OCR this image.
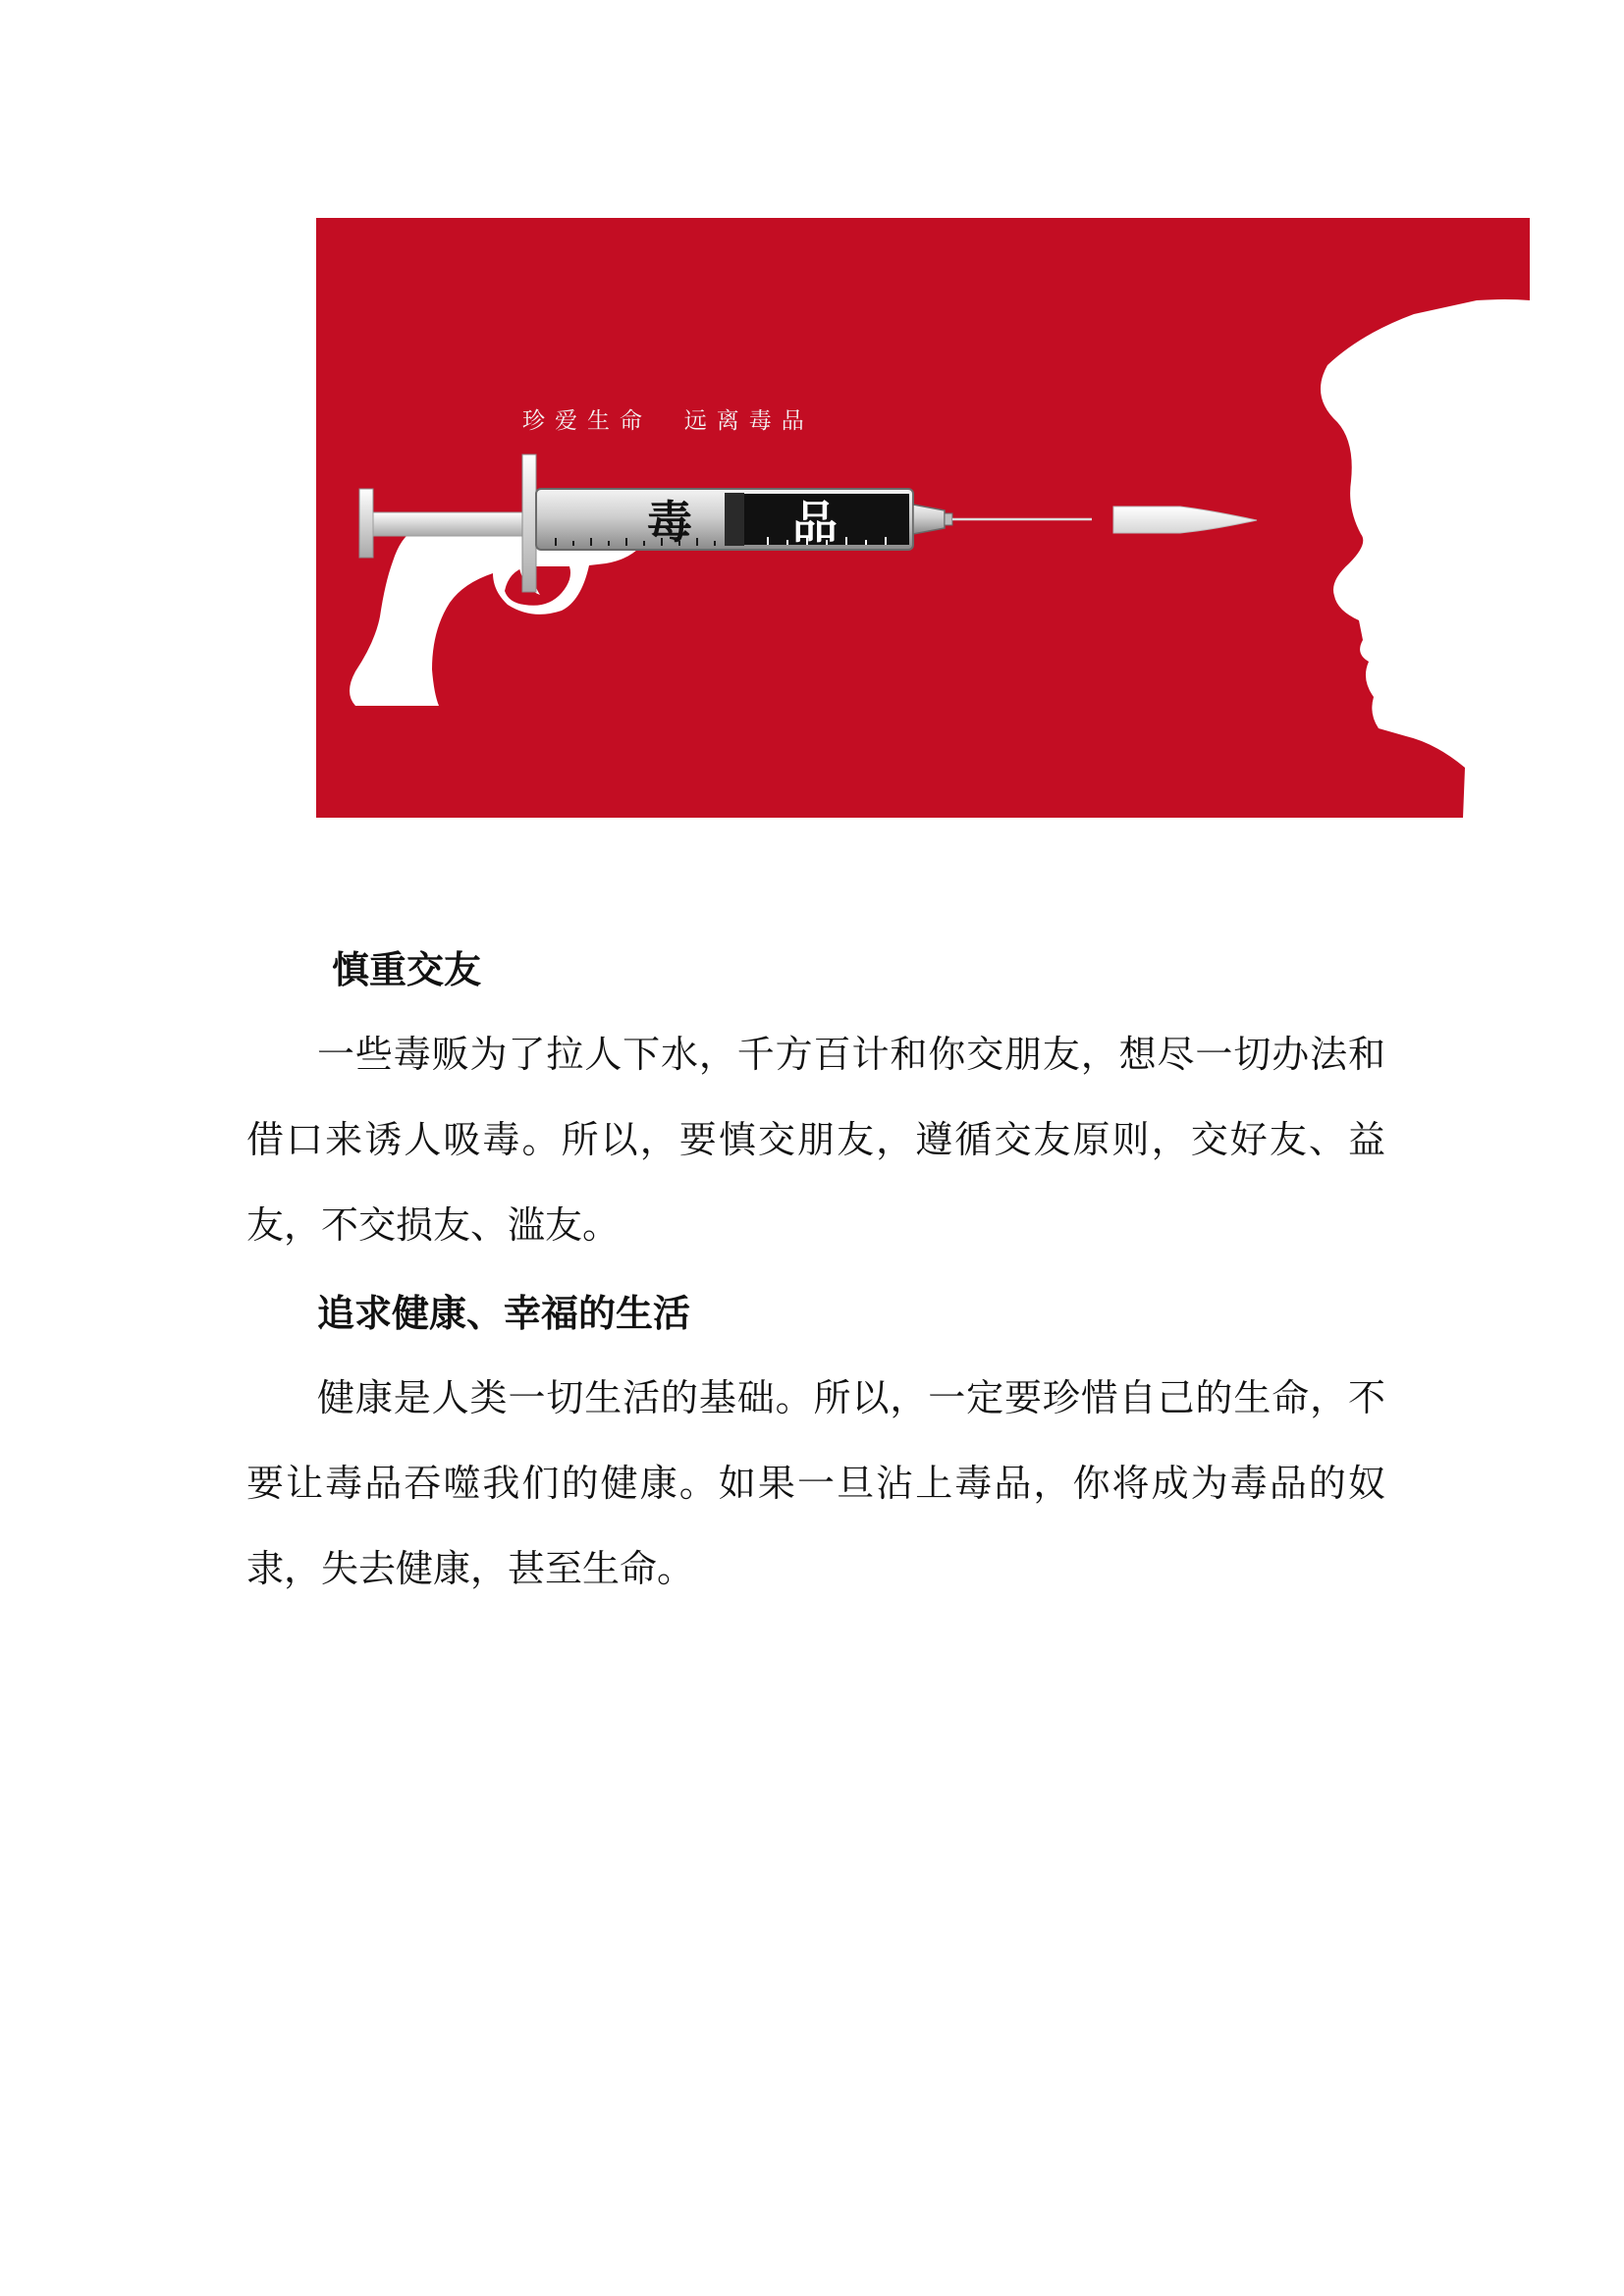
珍爱生命  远离毒品
毒 品
慎重交友

一些毒贩为了拉人下水，千方百计和你交朋友，想尽一切办法和借口来诱人吸毒。所以，要慎交朋友，遵循交友原则，交好友、益友，不交损友、滥友。

追求健康、幸福的生活

健康是人类一切生活的基础。所以，一定要珍惜自己的生命，不要让毒品吞噬我们的健康。如果一旦沾上毒品，你将成为毒品的奴隶，失去健康，甚至生命。
